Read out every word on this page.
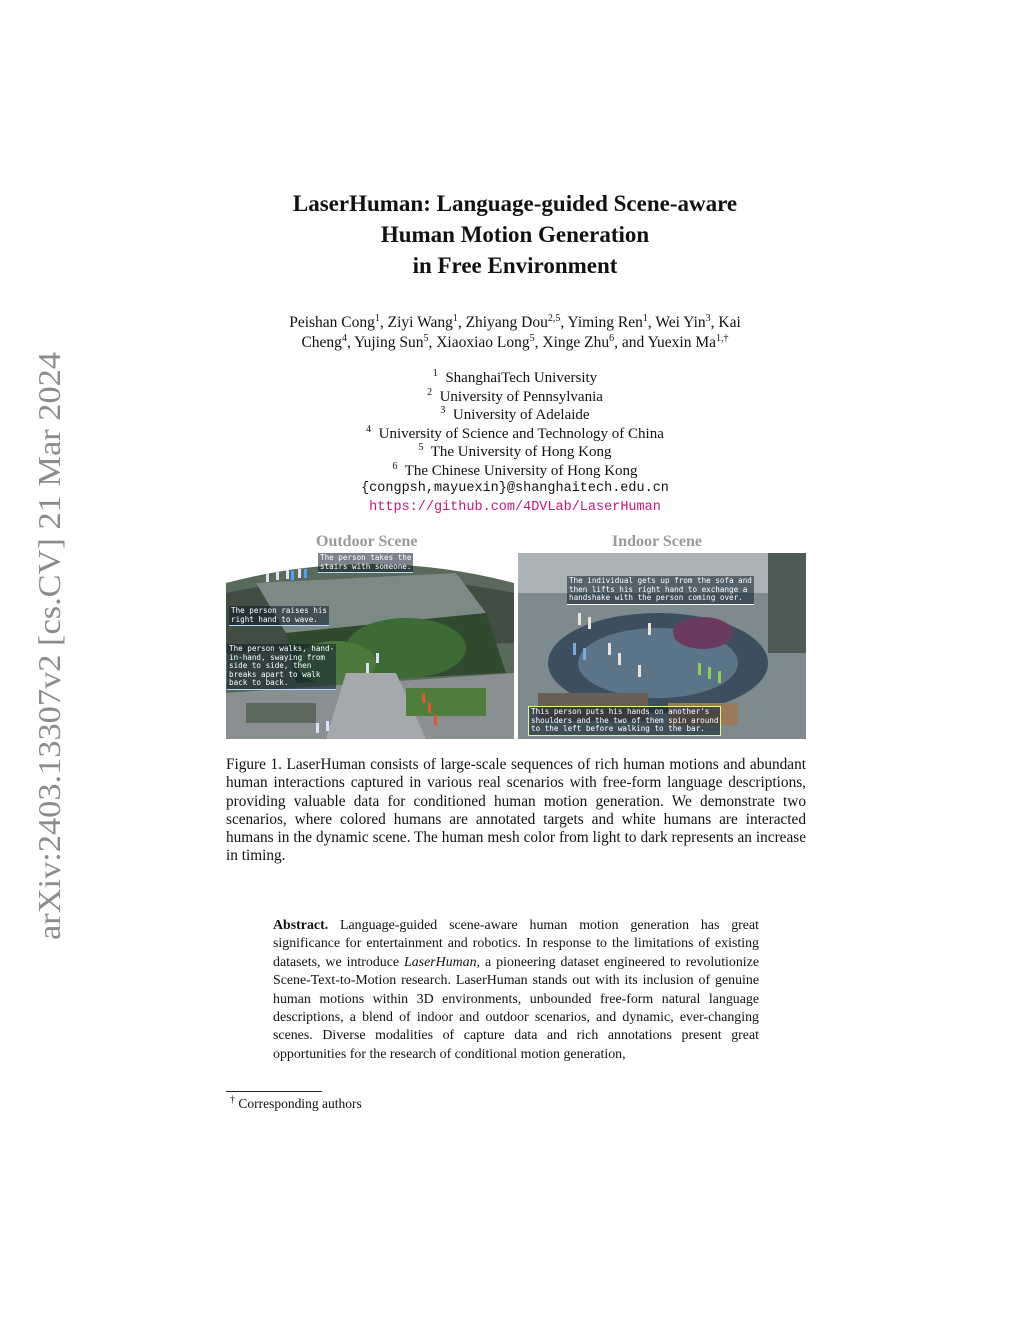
arXiv:2403.13307v2 [cs.CV] 21 Mar 2024
LaserHuman: Language-guided Scene-aware
Human Motion Generation
in Free Environment
Peishan Cong$^1$, Ziyi Wang$^1$, Zhiyang Dou$^{2,5}$, Yiming Ren$^1$, Wei Yin$^3$, Kai
Cheng$^4$, Yujing Sun$^5$, Xiaoxiao Long$^5$, Xinge Zhu$^6$, and Yuexin $Ma^{1,\dagger}$
$^1$ ShanghaiTech University
$^2$ University of Pennsylvania
$^3$ University of Adelaide
$^4$ University of Science and Technology of China
$^5$ The University of Hong Kong
$^6$ The Chinese University of Hong Kong
{congpsh,mayuexin}@shanghaitech.edu.cn
https://github.com/4DVLab/LaserHuman
Outdoor Scene	Indoor Scene
The person takes the
stairs with someone.
The person raises his
right hand to wave.
The person walks, hand-
in-hand, swaying from
side to side, then
breaks apart to walk
back to back.
The individual gets up from the sofa and
then lifts his right hand to exchange a
handshake with the person coming over.
This person puts his hands on another's
shoulders and the two of them spin around
to the left before walking to the bar.
Figure 1. LaserHuman consists of large-scale sequences of rich human motions and abundant human interactions captured in various real scenarios with free-form language descriptions, providing valuable data for conditioned human motion generation. We demonstrate two scenarios, where colored humans are annotated targets and white humans are interacted humans in the dynamic scene. The human mesh color from light to dark represents an increase in timing.
Abstract. Language-guided scene-aware human motion generation has great significance for entertainment and robotics. In response to the limitations of existing datasets, we introduce LaserHuman, a pioneering dataset engineered to revolutionize Scene-Text-to-Motion research. LaserHuman stands out with its inclusion of genuine human motions within 3D environments, unbounded free-form natural language descriptions, a blend of indoor and outdoor scenarios, and dynamic, ever-changing scenes. Diverse modalities of capture data and rich annotations present great opportunities for the research of conditional motion generation,
† Corresponding authors
